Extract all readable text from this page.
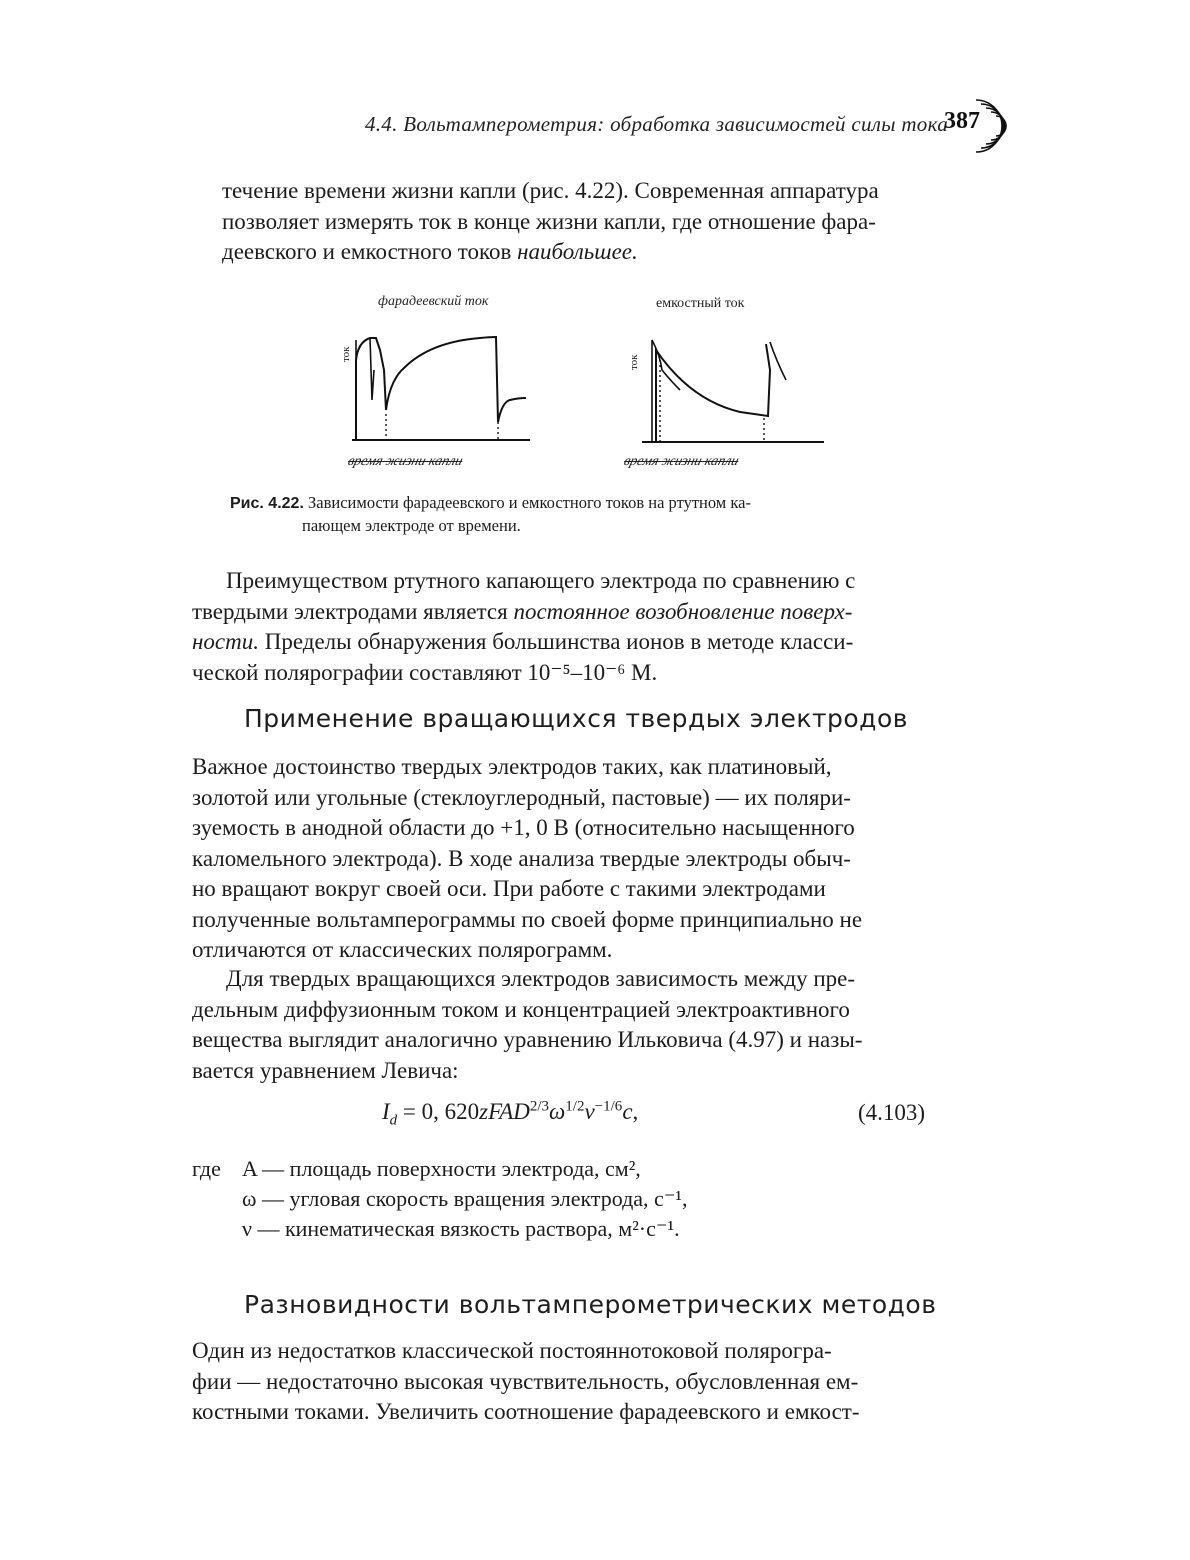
4.4. Вольтамперометрия: обработка зависимостей силы тока
387
течение времени жизни капли (рис. 4.22). Современная аппаратура
позволяет измерять ток в конце жизни капли, где отношение фара-
деевского и емкостного токов наибольшее.
фарадеевский ток	емкостный ток
ток
ток
время жизни капли	время жизни капли
Рис. 4.22. Зависимости фарадеевского и емкостного токов на ртутном ка-
пающем электроде от времени.
Преимуществом ртутного капающего электрода по сравнению с
твердыми электродами является постоянное возобновление поверх-
ности. Пределы обнаружения большинства ионов в методе класси-
ческой полярографии составляют 10⁻⁵–10⁻⁶ М.
Применение вращающихся твердых электродов
Важное достоинство твердых электродов таких, как платиновый,
золотой или угольные (стеклоуглеродный, пастовые) — их поляри-
зуемость в анодной области до +1, 0 В (относительно насыщенного
каломельного электрода). В ходе анализа твердые электроды обыч-
но вращают вокруг своей оси. При работе с такими электродами
полученные вольтамперограммы по своей форме принципиально не
отличаются от классических полярограмм.
Для твердых вращающихся электродов зависимость между пре-
дельным диффузионным током и концентрацией электроактивного
вещества выглядит аналогично уравнению Ильковича (4.97) и назы-
вается уравнением Левича:
$I_d = 0$, $620zFAD^{2/3}\omega^{1/2}\nu^{-1/6}c$,	(4.103)
где A — площадь поверхности электрода, см²,
ω — угловая скорость вращения электрода, с⁻¹,
ν — кинематическая вязкость раствора, м²·с⁻¹.
Разновидности вольтамперометрических методов
Один из недостатков классической постояннотоковой полярогра-
фии — недостаточно высокая чувствительность, обусловленная ем-
костными токами. Увеличить соотношение фарадеевского и емкост-
